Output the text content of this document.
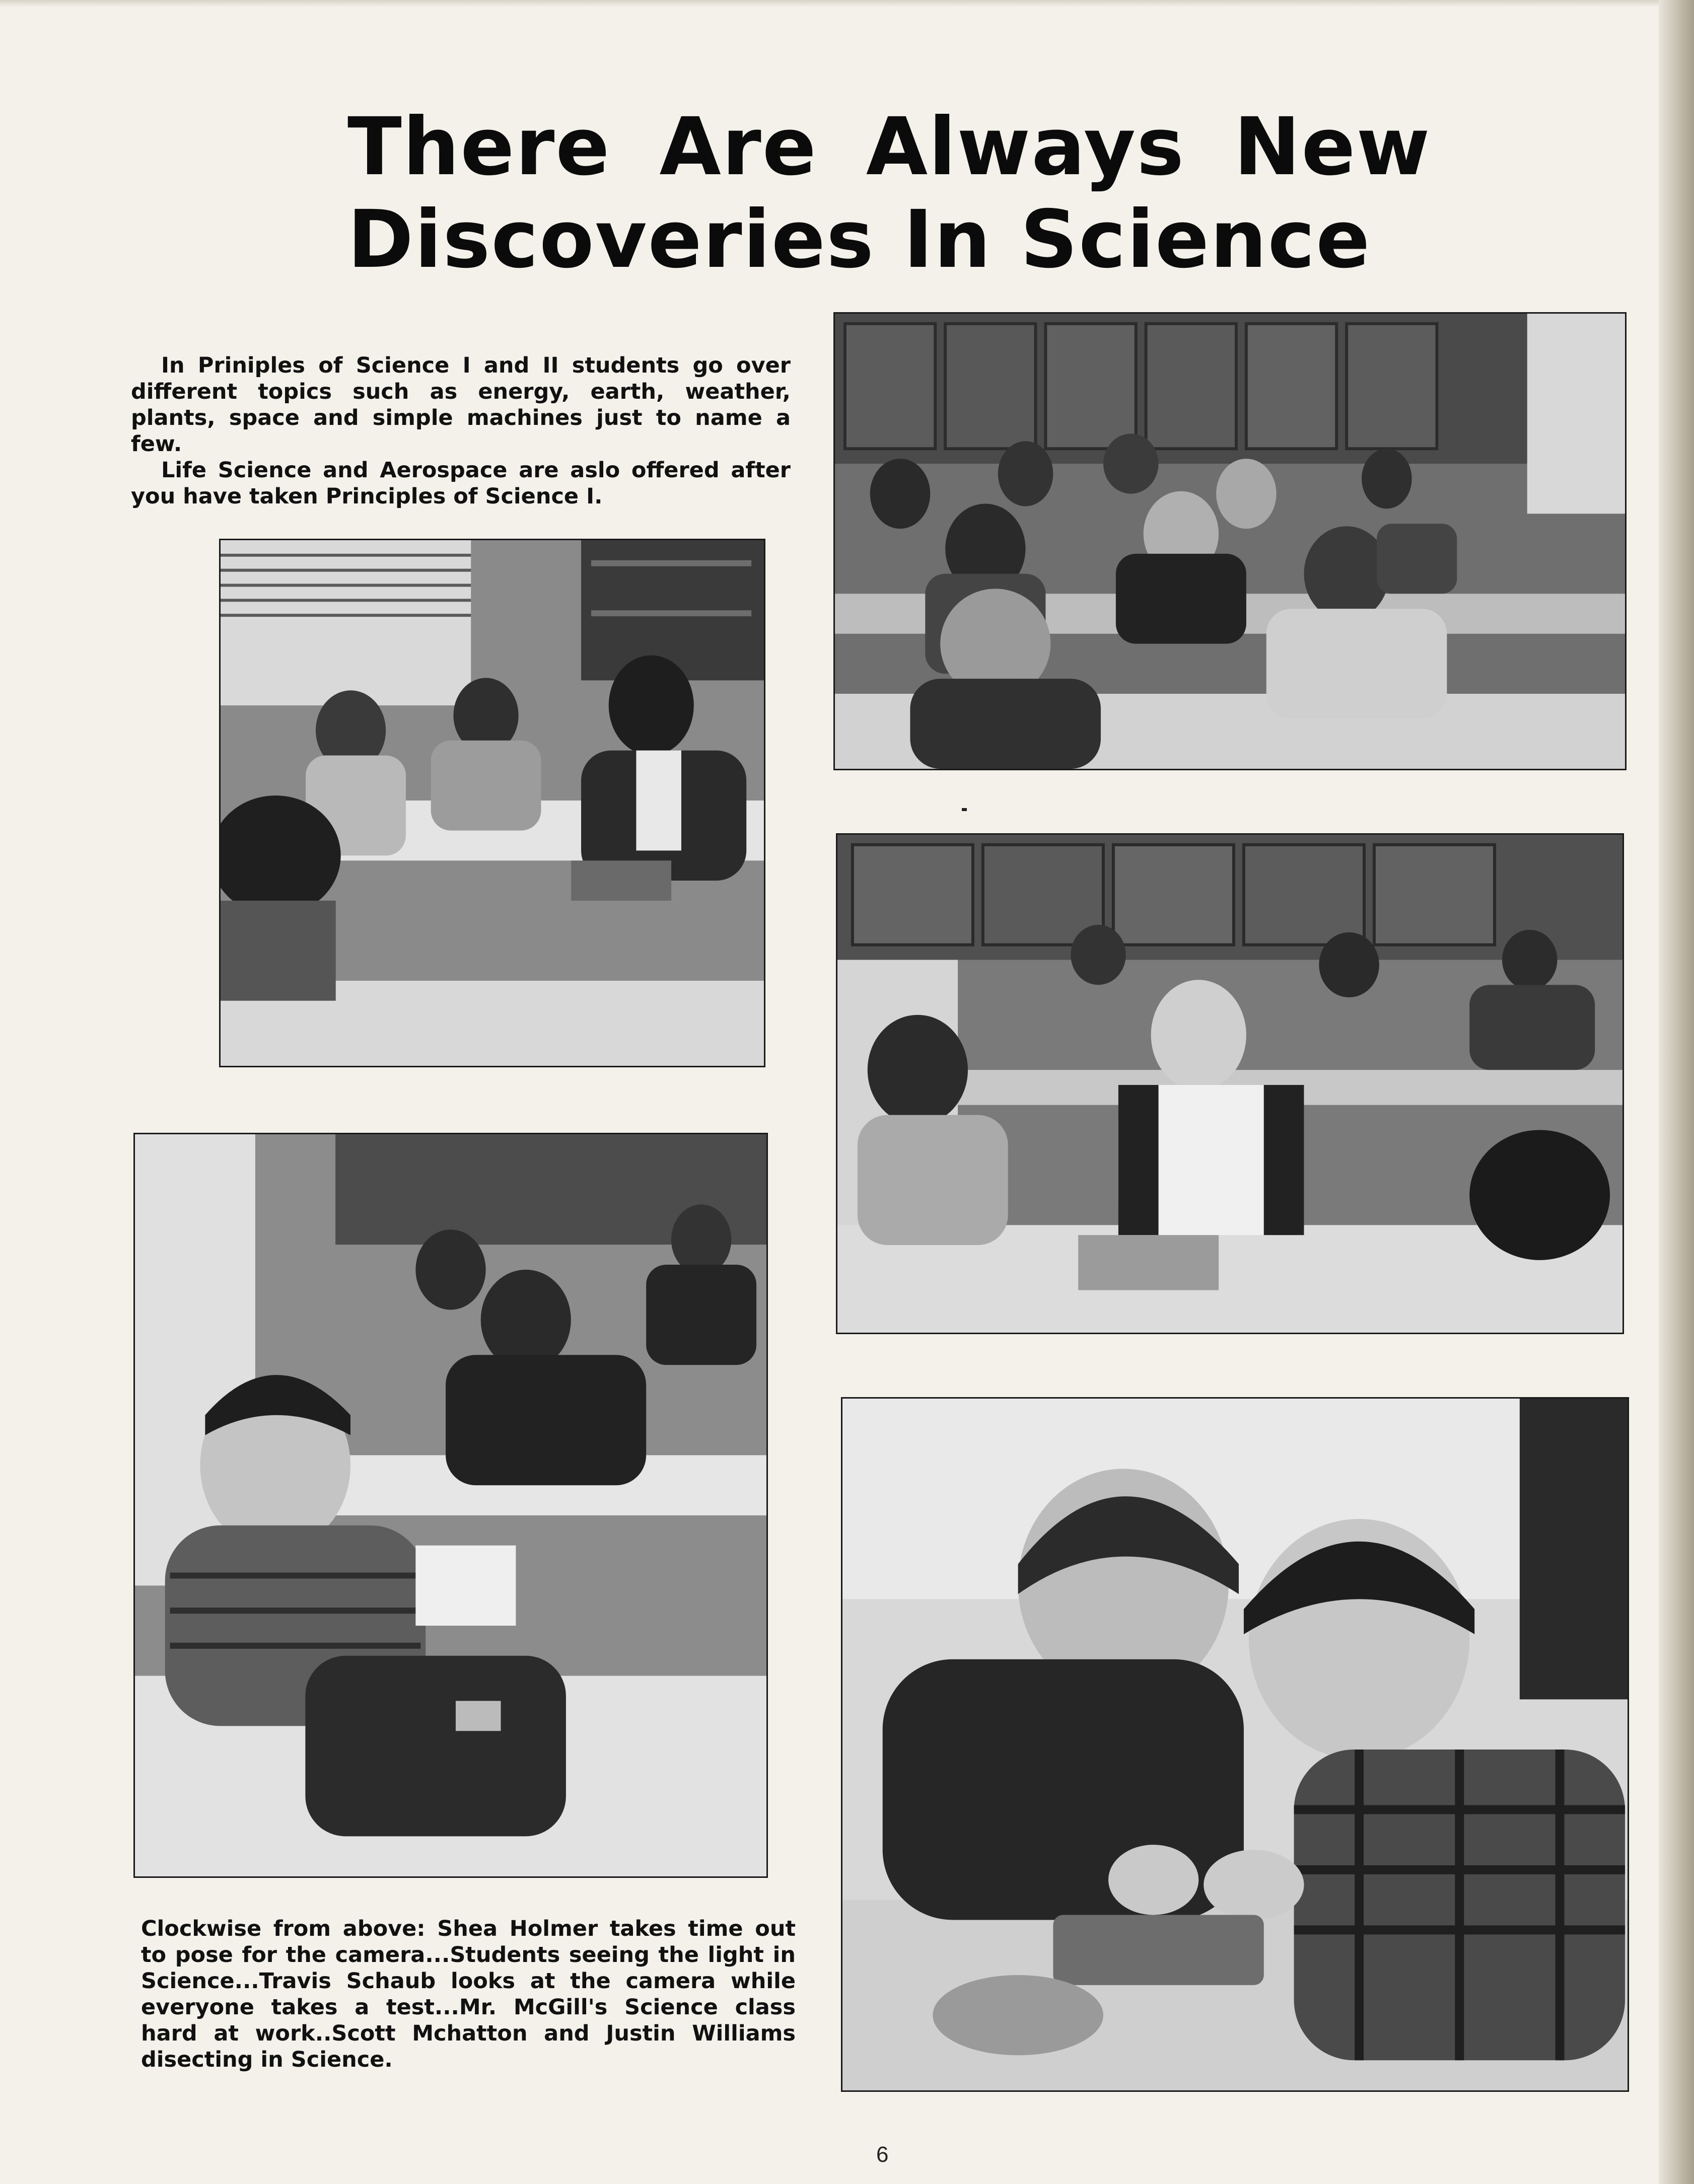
There Are Always New
Discoveries In Science

In Priniples of Science I and II students go over different topics such as energy, earth, weather, plants, space and simple machines just to name a few.

Life Science and Aerospace are aslo offered after you have taken Principles of Science I.

Clockwise from above: Shea Holmer takes time out to pose for the camera...Students seeing the light in Science...Travis Schaub looks at the camera while everyone takes a test...Mr. McGill's Science class hard at work..Scott Mchatton and Justin Williams disecting in Science.

6
